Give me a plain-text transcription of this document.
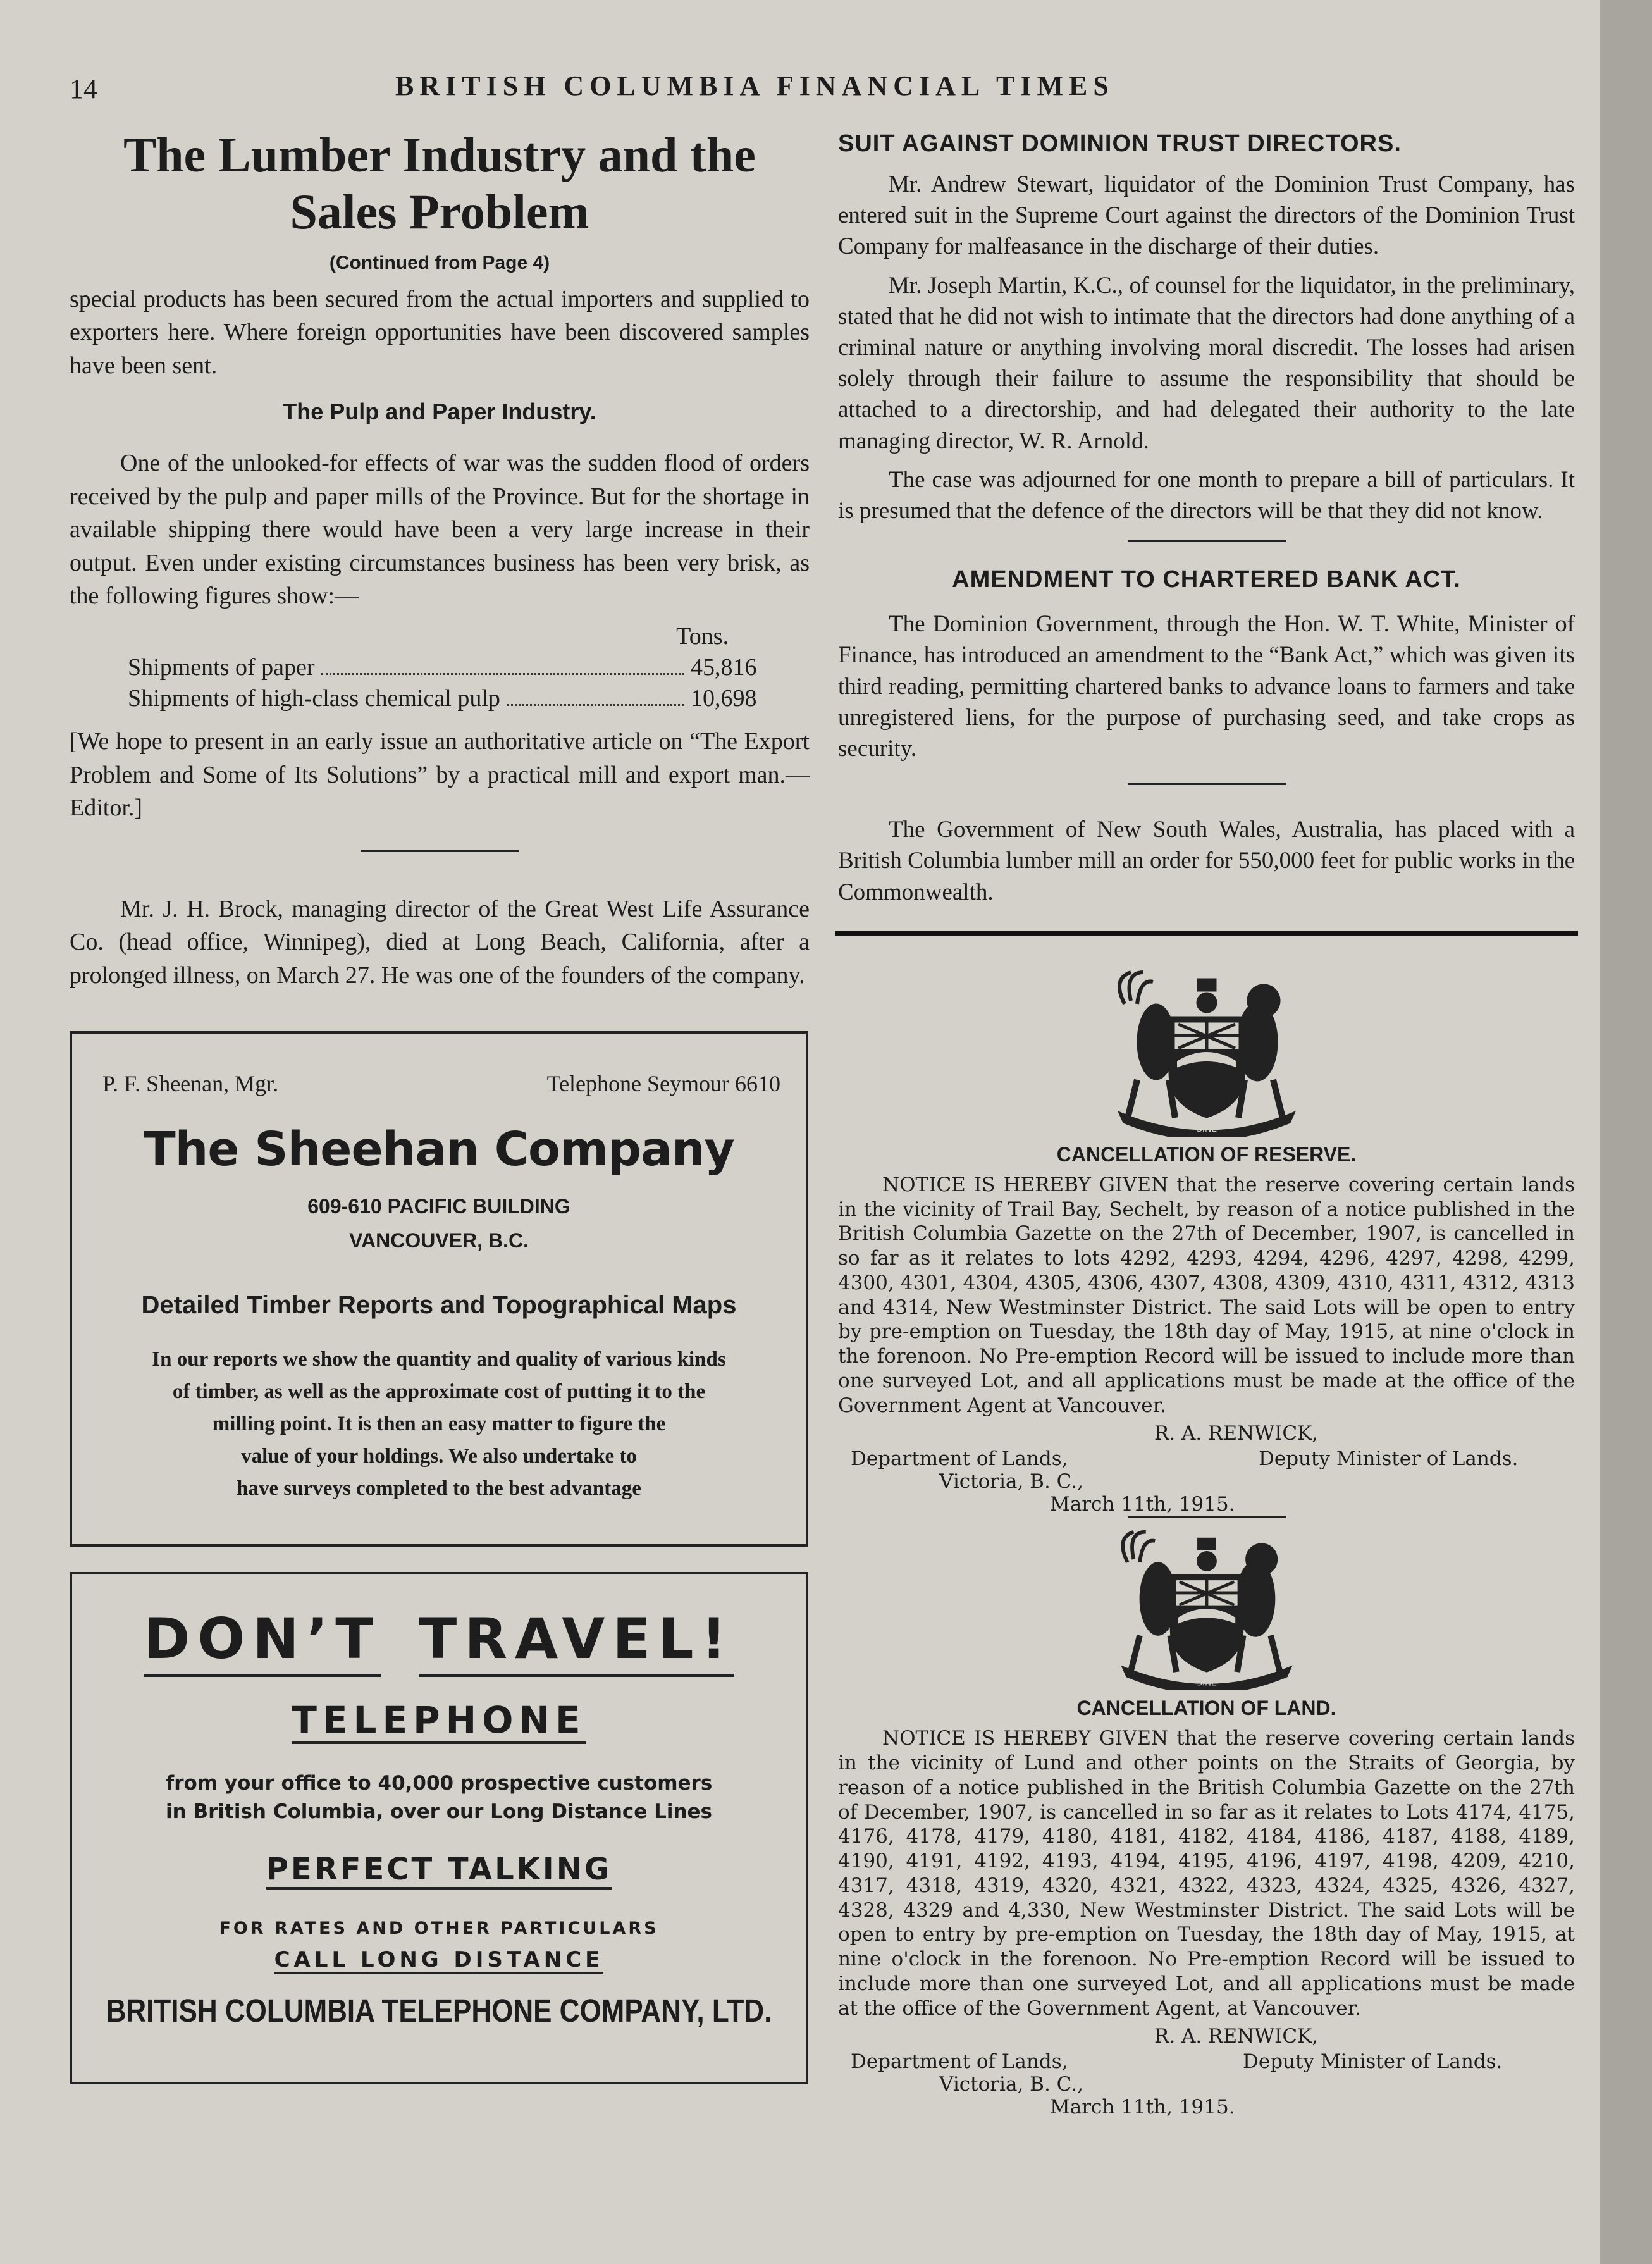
14	BRITISH COLUMBIA FINANCIAL TIMES
The Lumber Industry and the
Sales Problem
(Continued from Page 4)

special products has been secured from the actual importers and supplied to exporters here. Where foreign opportunities have been discovered samples have been sent.

The Pulp and Paper Industry.

One of the unlooked-for effects of war was the sudden flood of orders received by the pulp and paper mills of the Province. But for the shortage in available shipping there would have been a very large increase in their output. Even under existing circumstances business has been very brisk, as the following figures show:—

Tons.
Shipments of paper	45,816
Shipments of high-class chemical pulp	10,698

[We hope to present in an early issue an authoritative article on “The Export Problem and Some of Its Solutions” by a practical mill and export man.—Editor.]

Mr. J. H. Brock, managing director of the Great West Life Assurance Co. (head office, Winnipeg), died at Long Beach, California, after a prolonged illness, on March 27. He was one of the founders of the company.

P. F. Sheenan, Mgr.	Telephone Seymour 6610
The Sheehan Company
609-610 PACIFIC BUILDING
VANCOUVER, B.C.
Detailed Timber Reports and Topographical Maps
In our reports we show the quantity and quality of various kinds
of timber, as well as the approximate cost of putting it to the
milling point. It is then an easy matter to figure the
value of your holdings. We also undertake to
have surveys completed to the best advantage
DON’T TRAVEL!
TELEPHONE
from your office to 40,000 prospective customers
in British Columbia, over our Long Distance Lines
PERFECT TALKING
FOR RATES AND OTHER PARTICULARS
CALL LONG DISTANCE
BRITISH COLUMBIA TELEPHONE COMPANY, LTD.
SUIT AGAINST DOMINION TRUST DIRECTORS.

Mr. Andrew Stewart, liquidator of the Dominion Trust Company, has entered suit in the Supreme Court against the directors of the Dominion Trust Company for malfeasance in the discharge of their duties.

Mr. Joseph Martin, K.C., of counsel for the liquidator, in the preliminary, stated that he did not wish to intimate that the directors had done anything of a criminal nature or anything involving moral discredit. The losses had arisen solely through their failure to assume the responsibility that should be attached to a directorship, and had delegated their authority to the late managing director, W. R. Arnold.

The case was adjourned for one month to prepare a bill of particulars. It is presumed that the defence of the directors will be that they did not know.

AMENDMENT TO CHARTERED BANK ACT.

The Dominion Government, through the Hon. W. T. White, Minister of Finance, has introduced an amendment to the “Bank Act,” which was given its third reading, permitting chartered banks to advance loans to farmers and take unregistered liens, for the purpose of purchasing seed, and take crops as security.

The Government of New South Wales, Australia, has placed with a British Columbia lumber mill an order for 550,000 feet for public works in the Commonwealth.

SINE
CANCELLATION OF RESERVE.

NOTICE IS HEREBY GIVEN that the reserve covering certain lands in the vicinity of Trail Bay, Sechelt, by reason of a notice published in the British Columbia Gazette on the 27th of December, 1907, is cancelled in so far as it relates to lots 4292, 4293, 4294, 4296, 4297, 4298, 4299, 4300, 4301, 4304, 4305, 4306, 4307, 4308, 4309, 4310, 4311, 4312, 4313 and 4314, New Westminster District. The said Lots will be open to entry by pre-emption on Tuesday, the 18th day of May, 1915, at nine o'clock in the forenoon. No Pre-emption Record will be issued to include more than one surveyed Lot, and all applications must be made at the office of the Government Agent at Vancouver.

R. A. RENWICK,
Department of Lands,	Deputy Minister of Lands.
Victoria, B. C.,
March 11th, 1915.
SINE
CANCELLATION OF LAND.

NOTICE IS HEREBY GIVEN that the reserve covering certain lands in the vicinity of Lund and other points on the Straits of Georgia, by reason of a notice published in the British Columbia Gazette on the 27th of December, 1907, is cancelled in so far as it relates to Lots 4174, 4175, 4176, 4178, 4179, 4180, 4181, 4182, 4184, 4186, 4187, 4188, 4189, 4190, 4191, 4192, 4193, 4194, 4195, 4196, 4197, 4198, 4209, 4210, 4317, 4318, 4319, 4320, 4321, 4322, 4323, 4324, 4325, 4326, 4327, 4328, 4329 and 4,330, New Westminster District. The said Lots will be open to entry by pre-emption on Tuesday, the 18th day of May, 1915, at nine o'clock in the forenoon. No Pre-emption Record will be issued to include more than one surveyed Lot, and all applications must be made at the office of the Government Agent, at Vancouver.

R. A. RENWICK,
Department of Lands,	Deputy Minister of Lands.
Victoria, B. C.,
March 11th, 1915.
